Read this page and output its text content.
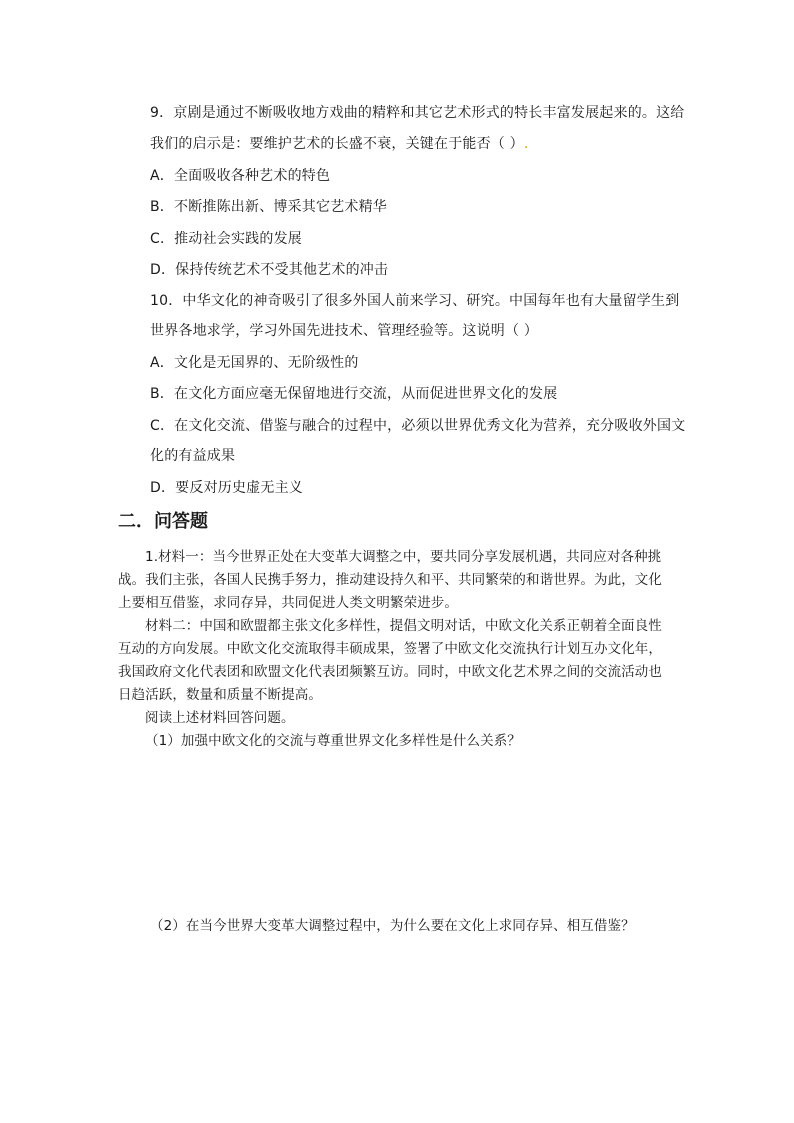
9．京剧是通过不断吸收地方戏曲的精粹和其它艺术形式的特长丰富发展起来的。这给
我们的启示是：要维护艺术的长盛不衰，关键在于能否（ ）.
A．全面吸收各种艺术的特色
B．不断推陈出新、博采其它艺术精华
C．推动社会实践的发展
D．保持传统艺术不受其他艺术的冲击
10．中华文化的神奇吸引了很多外国人前来学习、研究。中国每年也有大量留学生到
世界各地求学，学习外国先进技术、管理经验等。这说明（ ）
A．文化是无国界的、无阶级性的
B．在文化方面应毫无保留地进行交流，从而促进世界文化的发展
C．在文化交流、借鉴与融合的过程中，必须以世界优秀文化为营养，充分吸收外国文
化的有益成果
D．要反对历史虚无主义
二．问答题
1.材料一：当今世界正处在大变革大调整之中，要共同分享发展机遇，共同应对各种挑
战。我们主张，各国人民携手努力，推动建设持久和平、共同繁荣的和谐世界。为此，文化
上要相互借鉴，求同存异，共同促进人类文明繁荣进步。
材料二：中国和欧盟都主张文化多样性，提倡文明对话，中欧文化关系正朝着全面良性
互动的方向发展。中欧文化交流取得丰硕成果，签署了中欧文化交流执行计划互办文化年，
我国政府文化代表团和欧盟文化代表团频繁互访。同时，中欧文化艺术界之间的交流活动也
日趋活跃，数量和质量不断提高。
阅读上述材料回答问题。
（1）加强中欧文化的交流与尊重世界文化多样性是什么关系？
（2）在当今世界大变革大调整过程中，为什么要在文化上求同存异、相互借鉴？
